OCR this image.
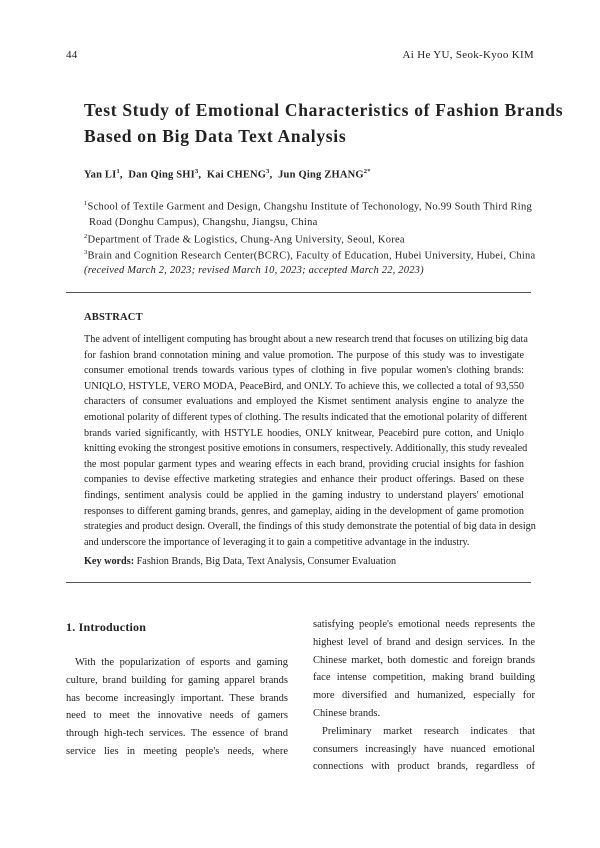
44	Ai He YU, Seok-Kyoo KIM
Test Study of Emotional Characteristics of Fashion Brands
Based on Big Data Text Analysis
Yan $LI^1$,  Dan Qing SHI$^3$,  Kai CHENG$^3$,  Jun Qing $ZHANG^{2*}$
$^1$School of Textile Garment and Design, Changshu Institute of Techonology, No.99 South Third Ring
Road (Donghu Campus), Changshu, Jiangsu, China
$^2$Department of Trade & Logistics, Chung-Ang University, Seoul, Korea
$^3$Brain and Cognition Research Center(BCRC), Faculty of Education, Hubei University, Hubei, China
(received March 2, 2023; revised March 10, 2023; accepted March 22, 2023)
ABSTRACT
The advent of intelligent computing has brought about a new research trend that focuses on utilizing big data
for fashion brand connotation mining and value promotion. The purpose of this study was to investigate
consumer emotional trends towards various types of clothing in five popular women's clothing brands:
UNIQLO, HSTYLE, VERO MODA, PeaceBird, and ONLY. To achieve this, we collected a total of 93,550
characters of consumer evaluations and employed the Kismet sentiment analysis engine to analyze the
emotional polarity of different types of clothing. The results indicated that the emotional polarity of different
brands varied significantly, with HSTYLE hoodies, ONLY knitwear, Peacebird pure cotton, and Uniqlo
knitting evoking the strongest positive emotions in consumers, respectively. Additionally, this study revealed
the most popular garment types and wearing effects in each brand, providing crucial insights for fashion
companies to devise effective marketing strategies and enhance their product offerings. Based on these
findings, sentiment analysis could be applied in the gaming industry to understand players' emotional
responses to different gaming brands, genres, and gameplay, aiding in the development of game promotion
strategies and product design. Overall, the findings of this study demonstrate the potential of big data in design
and underscore the importance of leveraging it to gain a competitive advantage in the industry.
Key words: Fashion Brands, Big Data, Text Analysis, Consumer Evaluation
1. Introduction
With the popularization of esports and gaming
culture, brand building for gaming apparel brands
has become increasingly important. These brands
need to meet the innovative needs of gamers
through high-tech services. The essence of brand
service lies in meeting people's needs, where
satisfying people's emotional needs represents the
highest level of brand and design services. In the
Chinese market, both domestic and foreign brands
face intense competition, making brand building
more diversified and humanized, especially for
Chinese brands.
Preliminary market research indicates that
consumers increasingly have nuanced emotional
connections with product brands, regardless of
